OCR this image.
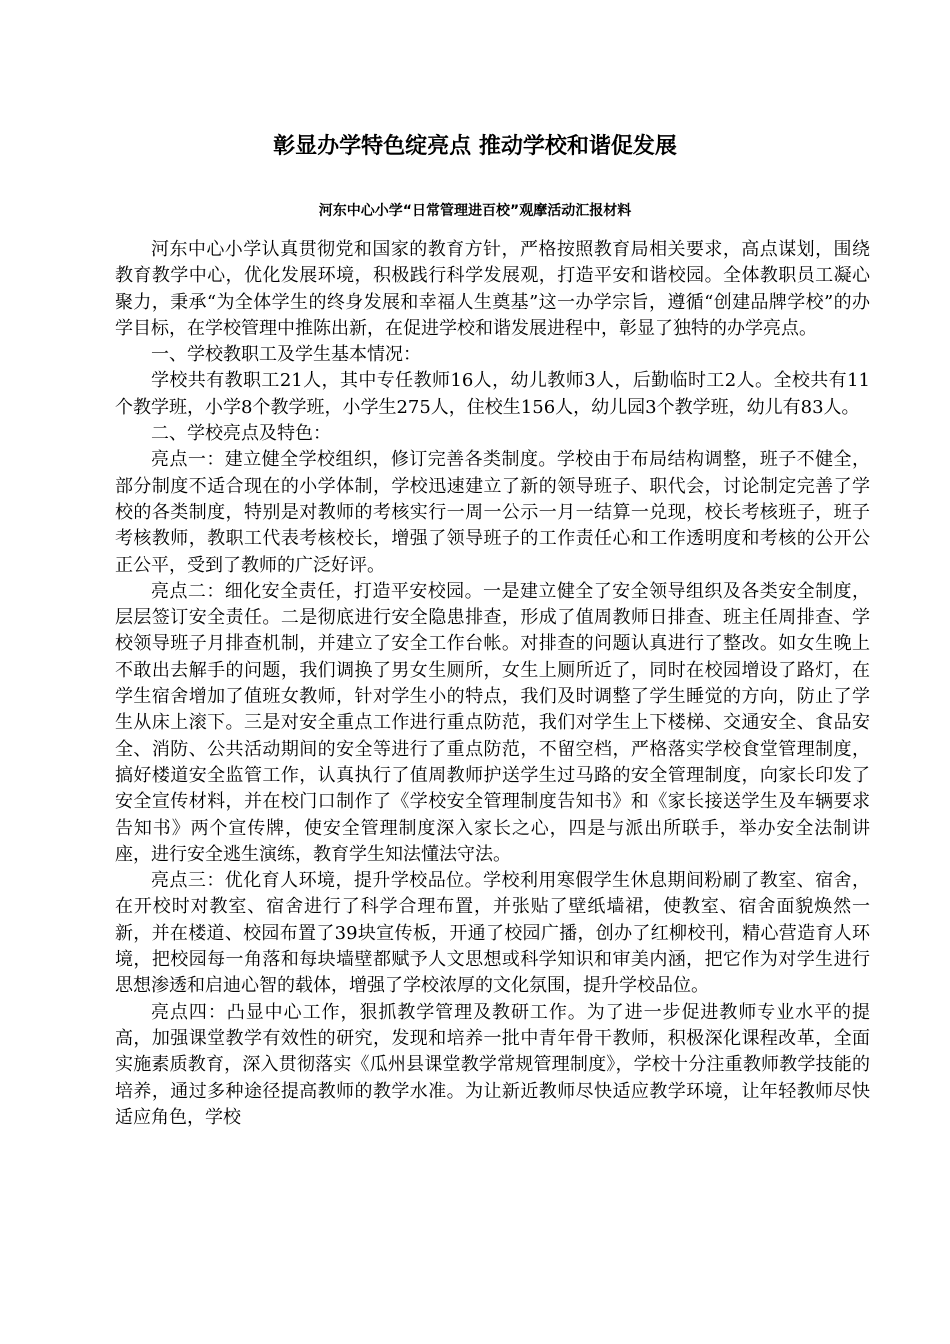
彰显办学特色绽亮点 推动学校和谐促发展
河东中心小学“日常管理进百校”观摩活动汇报材料

河东中心小学认真贯彻党和国家的教育方针，严格按照教育局相关要求，高点谋划，围绕教育教学中心，优化发展环境，积极践行科学发展观，打造平安和谐校园。全体教职员工凝心聚力，秉承“为全体学生的终身发展和幸福人生奠基”这一办学宗旨，遵循“创建品牌学校”的办学目标，在学校管理中推陈出新，在促进学校和谐发展进程中，彰显了独特的办学亮点。

一、学校教职工及学生基本情况：

学校共有教职工21人，其中专任教师16人，幼儿教师3人，后勤临时工2人。全校共有11个教学班，小学8个教学班，小学生275人，住校生156人，幼儿园3个教学班，幼儿有83人。

二、学校亮点及特色：

亮点一：建立健全学校组织，修订完善各类制度。学校由于布局结构调整，班子不健全，部分制度不适合现在的小学体制，学校迅速建立了新的领导班子、职代会，讨论制定完善了学校的各类制度，特别是对教师的考核实行一周一公示一月一结算一兑现，校长考核班子，班子考核教师，教职工代表考核校长，增强了领导班子的工作责任心和工作透明度和考核的公开公正公平，受到了教师的广泛好评。

亮点二：细化安全责任，打造平安校园。一是建立健全了安全领导组织及各类安全制度，层层签订安全责任。二是彻底进行安全隐患排查，形成了值周教师日排查、班主任周排查、学校领导班子月排查机制，并建立了安全工作台帐。对排查的问题认真进行了整改。如女生晚上不敢出去解手的问题，我们调换了男女生厕所，女生上厕所近了，同时在校园增设了路灯，在学生宿舍增加了值班女教师，针对学生小的特点，我们及时调整了学生睡觉的方向，防止了学生从床上滚下。三是对安全重点工作进行重点防范，我们对学生上下楼梯、交通安全、食品安全、消防、公共活动期间的安全等进行了重点防范，不留空档，严格落实学校食堂管理制度，搞好楼道安全监管工作，认真执行了值周教师护送学生过马路的安全管理制度，向家长印发了安全宣传材料，并在校门口制作了《学校安全管理制度告知书》和《家长接送学生及车辆要求告知书》两个宣传牌，使安全管理制度深入家长之心，四是与派出所联手，举办安全法制讲座，进行安全逃生演练，教育学生知法懂法守法。

亮点三：优化育人环境，提升学校品位。学校利用寒假学生休息期间粉刷了教室、宿舍，在开校时对教室、宿舍进行了科学合理布置，并张贴了壁纸墙裙，使教室、宿舍面貌焕然一新，并在楼道、校园布置了39块宣传板，开通了校园广播，创办了红柳校刊，精心营造育人环境，把校园每一角落和每块墙壁都赋予人文思想或科学知识和审美内涵，把它作为对学生进行思想渗透和启迪心智的载体，增强了学校浓厚的文化氛围，提升学校品位。

亮点四：凸显中心工作，狠抓教学管理及教研工作。为了进一步促进教师专业水平的提高，加强课堂教学有效性的研究，发现和培养一批中青年骨干教师，积极深化课程改革，全面实施素质教育，深入贯彻落实《瓜州县课堂教学常规管理制度》，学校十分注重教师教学技能的培养，通过多种途径提高教师的教学水准。为让新近教师尽快适应教学环境，让年轻教师尽快适应角色，学校
